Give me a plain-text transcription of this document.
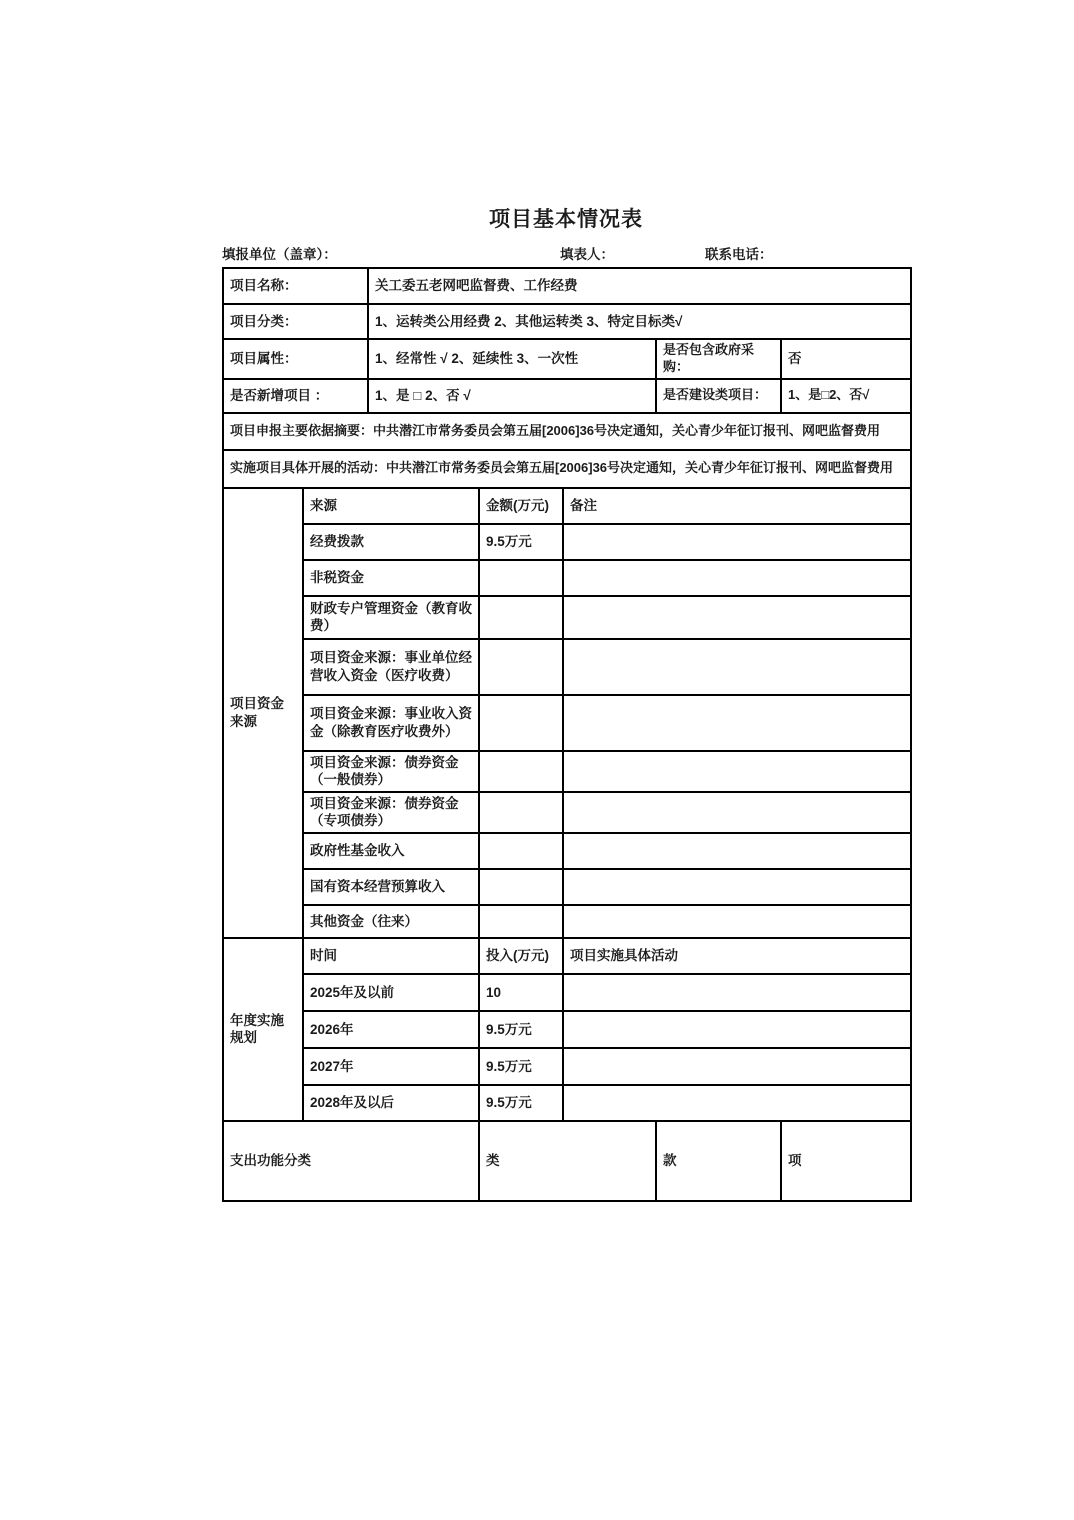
项目基本情况表
填报单位（盖章）：	填表人：	联系电话：
项目名称：		关工委五老网吧监督费、工作经费				
项目分类：		1、运转类公用经费 2、其他运转类 3、特定目标类√				
项目属性：		1、经常性 √ 2、延续性 3、一次性			是否包含政府采购：	否
是否新增项目 ：		1、是 □ 2、否 √			是否建设类项目：	1、是□2、否√
项目申报主要依据摘要：中共潜江市常务委员会第五届[2006]36号决定通知，关心青少年征订报刊、网吧监督费用						
实施项目具体开展的活动：中共潜江市常务委员会第五届[2006]36号决定通知，关心青少年征订报刊、网吧监督费用						
项目资金来源	来源		金额(万元)	备注		
	经费拨款		9.5万元			
	非税资金					
	财政专户管理资金（教育收费）					
	项目资金来源：事业单位经营收入资金（医疗收费）					
	项目资金来源：事业收入资金（除教育医疗收费外）					
	项目资金来源：债券资金（一般债券）					
	项目资金来源：债券资金（专项债券）					
	政府性基金收入					
	国有资本经营预算收入					
	其他资金（往来）					
年度实施规划	时间		投入(万元)	项目实施具体活动		
	2025年及以前		10			
	2026年		9.5万元			
	2027年		9.5万元			
	2028年及以后		9.5万元			
支出功能分类			类		款	项
